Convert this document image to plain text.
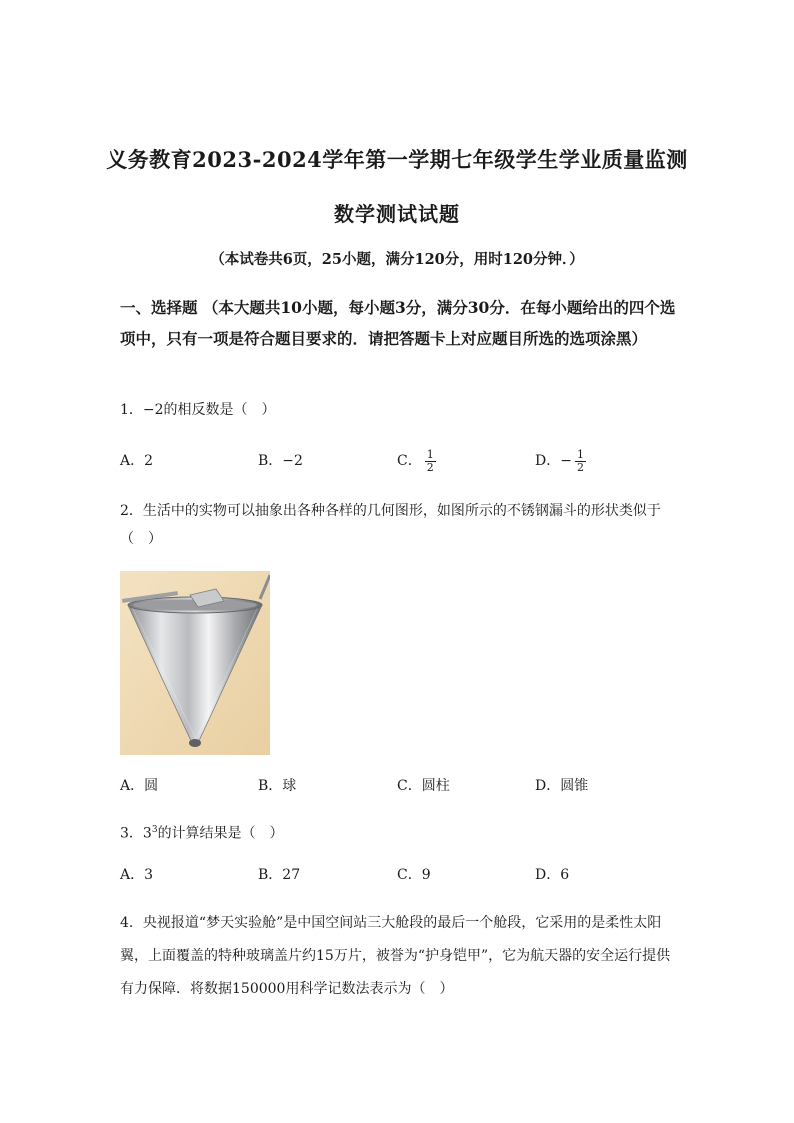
义务教育2023-2024学年第一学期七年级学生学业质量监测
数学测试试题
（本试卷共6页，25小题，满分120分，用时120分钟．）
一、选择题 （本大题共10小题，每小题3分，满分30分．在每小题给出的四个选项中，只有一项是符合题目要求的．请把答题卡上对应题目所选的选项涂黑）
1．−2的相反数是（　）
A．2	B．−2	C． $\frac{1}{2}$	D．− $\frac{1}{2}$
2．生活中的实物可以抽象出各种各样的几何图形，如图所示的不锈钢漏斗的形状类似于（　）
A．圆	B．球	C．圆柱	D．圆锥
3．$3^3$的计算结果是（　）
A．3	B．27	C．9	D．6
4．央视报道“梦天实验舱”是中国空间站三大舱段的最后一个舱段，它采用的是柔性太阳翼，上面覆盖的特种玻璃盖片约15万片，被誉为“护身铠甲”，它为航天器的安全运行提供有力保障．将数据150000用科学记数法表示为（　）
